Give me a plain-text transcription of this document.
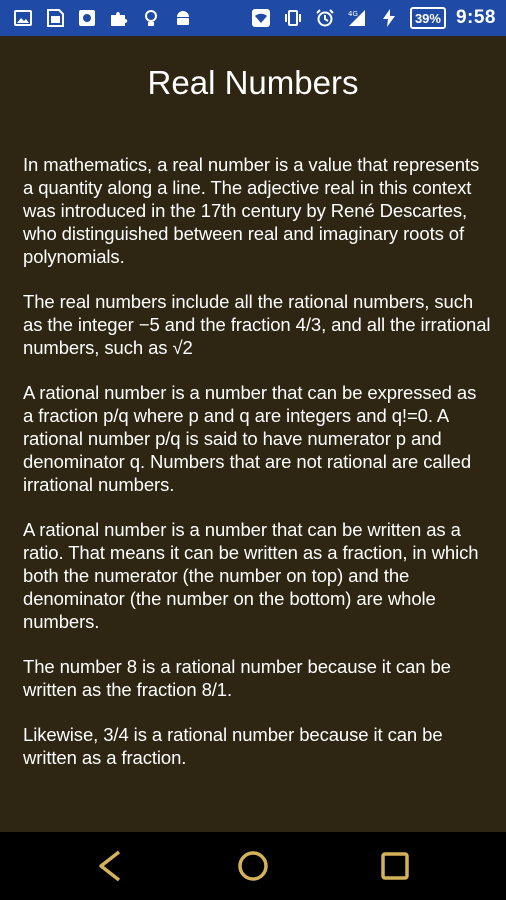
4G	39% 9:58
Real Numbers

In mathematics, a real number is a value that represents a quantity along a line. The adjective real in this context was introduced in the 17th century by René Descartes, who distinguished between real and imaginary roots of polynomials.

The real numbers include all the rational numbers, such as the integer −5 and the fraction 4/3, and all the irrational numbers, such as √2

A rational number is a number that can be expressed as a fraction p/q where p and q are integers and q!=0. A rational number p/q is said to have numerator p and denominator q. Numbers that are not rational are called irrational numbers.

A rational number is a number that can be written as a ratio. That means it can be written as a fraction, in which both the numerator (the number on top) and the denominator (the number on the bottom) are whole numbers.

The number 8 is a rational number because it can be written as the fraction 8/1.

Likewise, 3/4 is a rational number because it can be written as a fraction.
